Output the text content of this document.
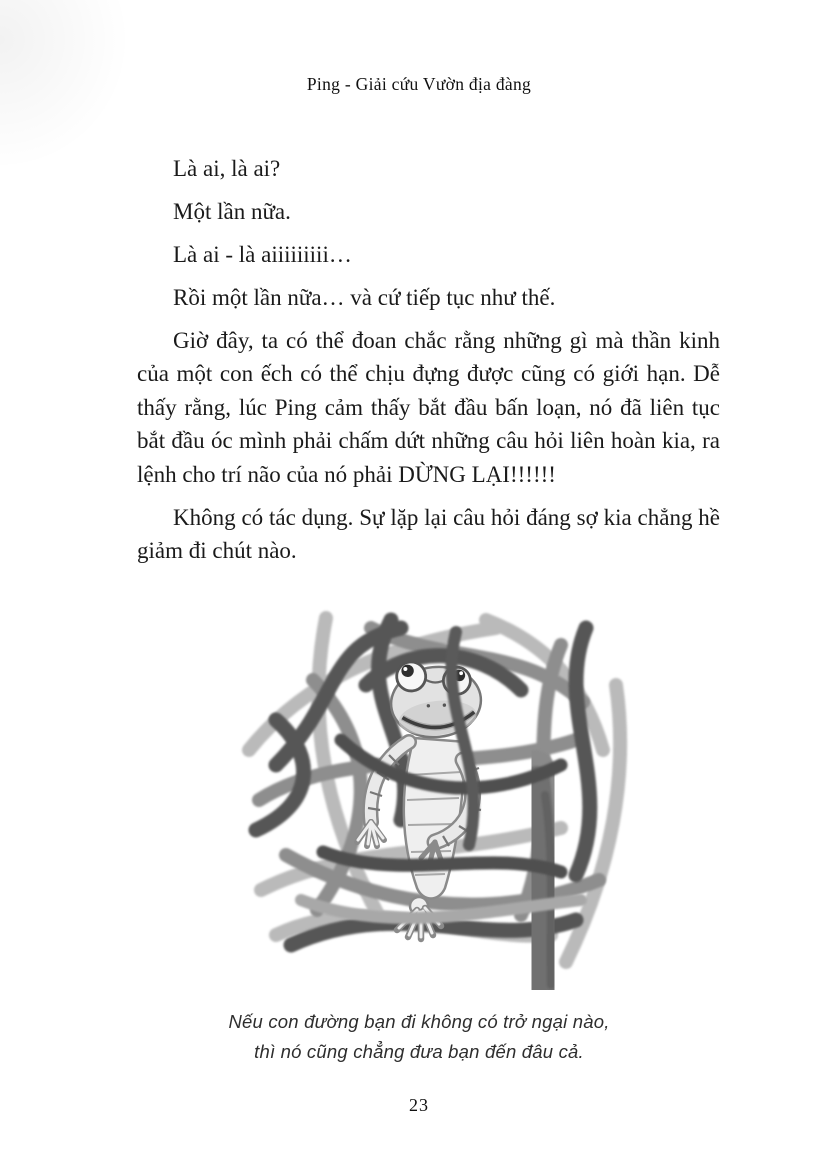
Ping - Giải cứu Vườn địa đàng

Là ai, là ai?

Một lần nữa.

Là ai - là aiiiiiiiii…

Rồi một lần nữa… và cứ tiếp tục như thế.

Giờ đây, ta có thể đoan chắc rằng những gì mà thần kinh của một con ếch có thể chịu đựng được cũng có giới hạn. Dễ thấy rằng, lúc Ping cảm thấy bắt đầu bấn loạn, nó đã liên tục bắt đầu óc mình phải chấm dứt những câu hỏi liên hoàn kia, ra lệnh cho trí não của nó phải DỪNG LẠI!!!!!!

Không có tác dụng. Sự lặp lại câu hỏi đáng sợ kia chẳng hề giảm đi chút nào.

Nếu con đường bạn đi không có trở ngại nào,
thì nó cũng chẳng đưa bạn đến đâu cả.
23
